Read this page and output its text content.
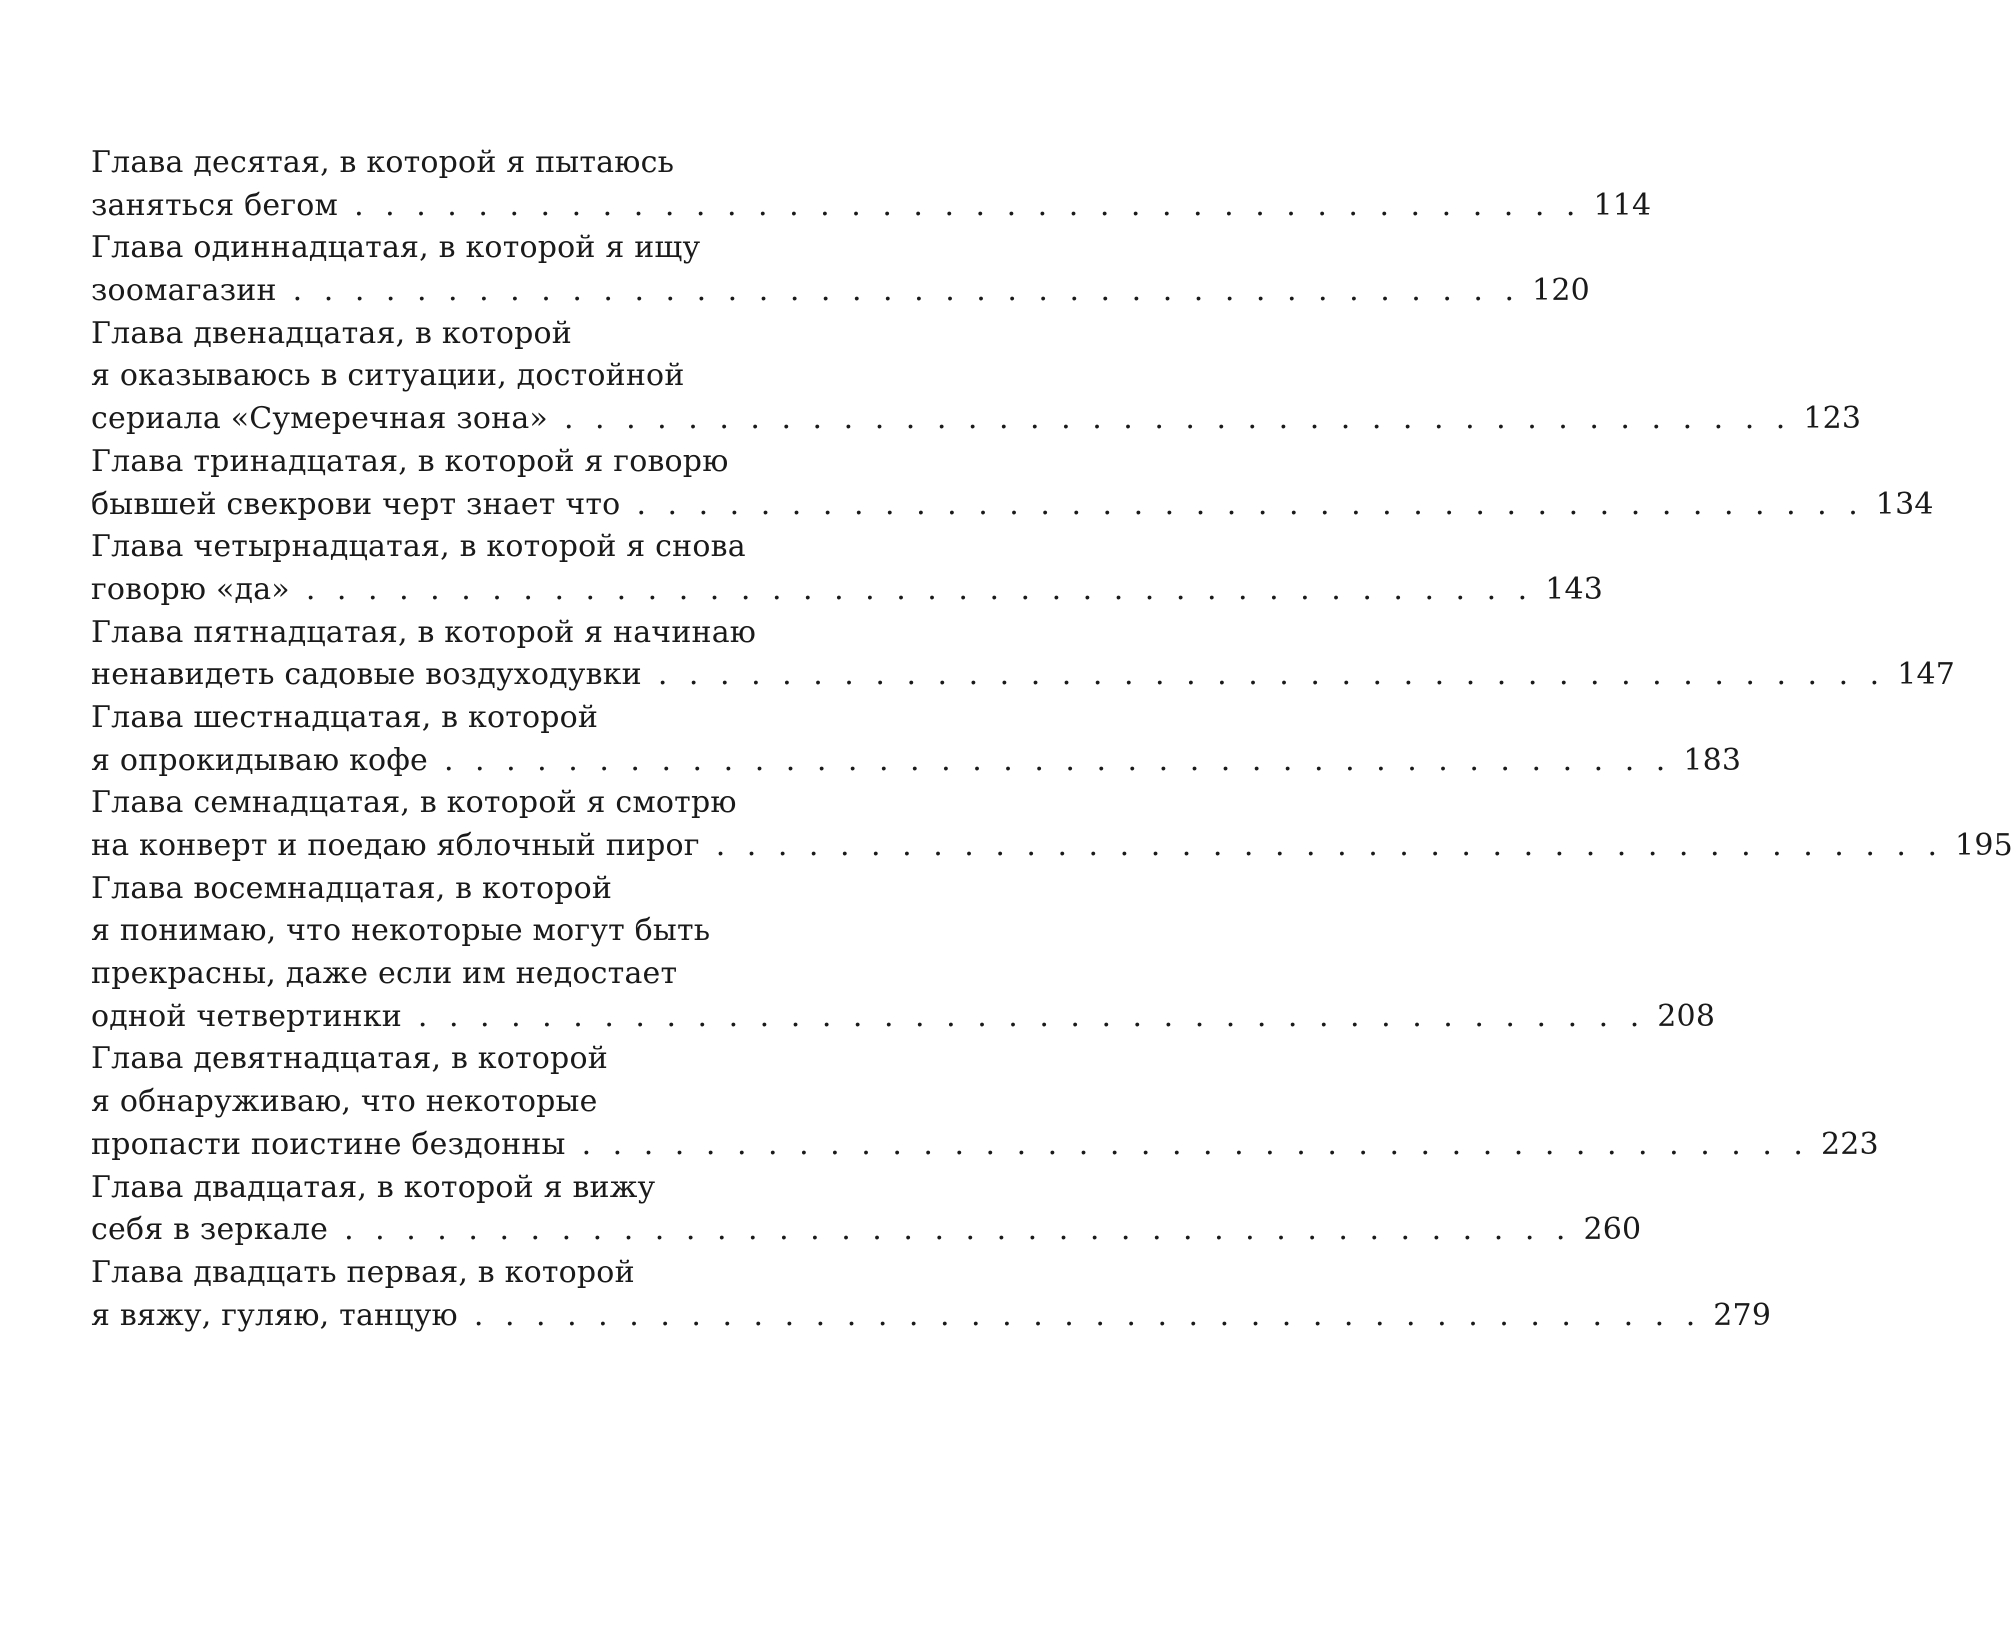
Глава десятая, в которой я пытаюсь
заняться бегом . . . . . . . . . . . . . . . . . . . . . . . . . . . . . . . . . . . . . . . . 114
Глава одиннадцатая, в которой я ищу
зоомагазин . . . . . . . . . . . . . . . . . . . . . . . . . . . . . . . . . . . . . . . . 120
Глава двенадцатая, в которой
я оказываюсь в ситуации, достойной
сериала «Сумеречная зона» . . . . . . . . . . . . . . . . . . . . . . . . . . . . . . . . . . . . . . . . 123
Глава тринадцатая, в которой я говорю
бывшей свекрови черт знает что . . . . . . . . . . . . . . . . . . . . . . . . . . . . . . . . . . . . . . . . 134
Глава четырнадцатая, в которой я снова
говорю «да» . . . . . . . . . . . . . . . . . . . . . . . . . . . . . . . . . . . . . . . . 143
Глава пятнадцатая, в которой я начинаю
ненавидеть садовые воздуходувки . . . . . . . . . . . . . . . . . . . . . . . . . . . . . . . . . . . . . . . . 147
Глава шестнадцатая, в которой
я опрокидываю кофе . . . . . . . . . . . . . . . . . . . . . . . . . . . . . . . . . . . . . . . . 183
Глава семнадцатая, в которой я смотрю
на конверт и поедаю яблочный пирог . . . . . . . . . . . . . . . . . . . . . . . . . . . . . . . . . . . . . . . . 195
Глава восемнадцатая, в которой
я понимаю, что некоторые могут быть
прекрасны, даже если им недостает
одной четвертинки . . . . . . . . . . . . . . . . . . . . . . . . . . . . . . . . . . . . . . . . 208
Глава девятнадцатая, в которой
я обнаруживаю, что некоторые
пропасти поистине бездонны . . . . . . . . . . . . . . . . . . . . . . . . . . . . . . . . . . . . . . . . 223
Глава двадцатая, в которой я вижу
себя в зеркале . . . . . . . . . . . . . . . . . . . . . . . . . . . . . . . . . . . . . . . . 260
Глава двадцать первая, в которой
я вяжу, гуляю, танцую . . . . . . . . . . . . . . . . . . . . . . . . . . . . . . . . . . . . . . . . 279
